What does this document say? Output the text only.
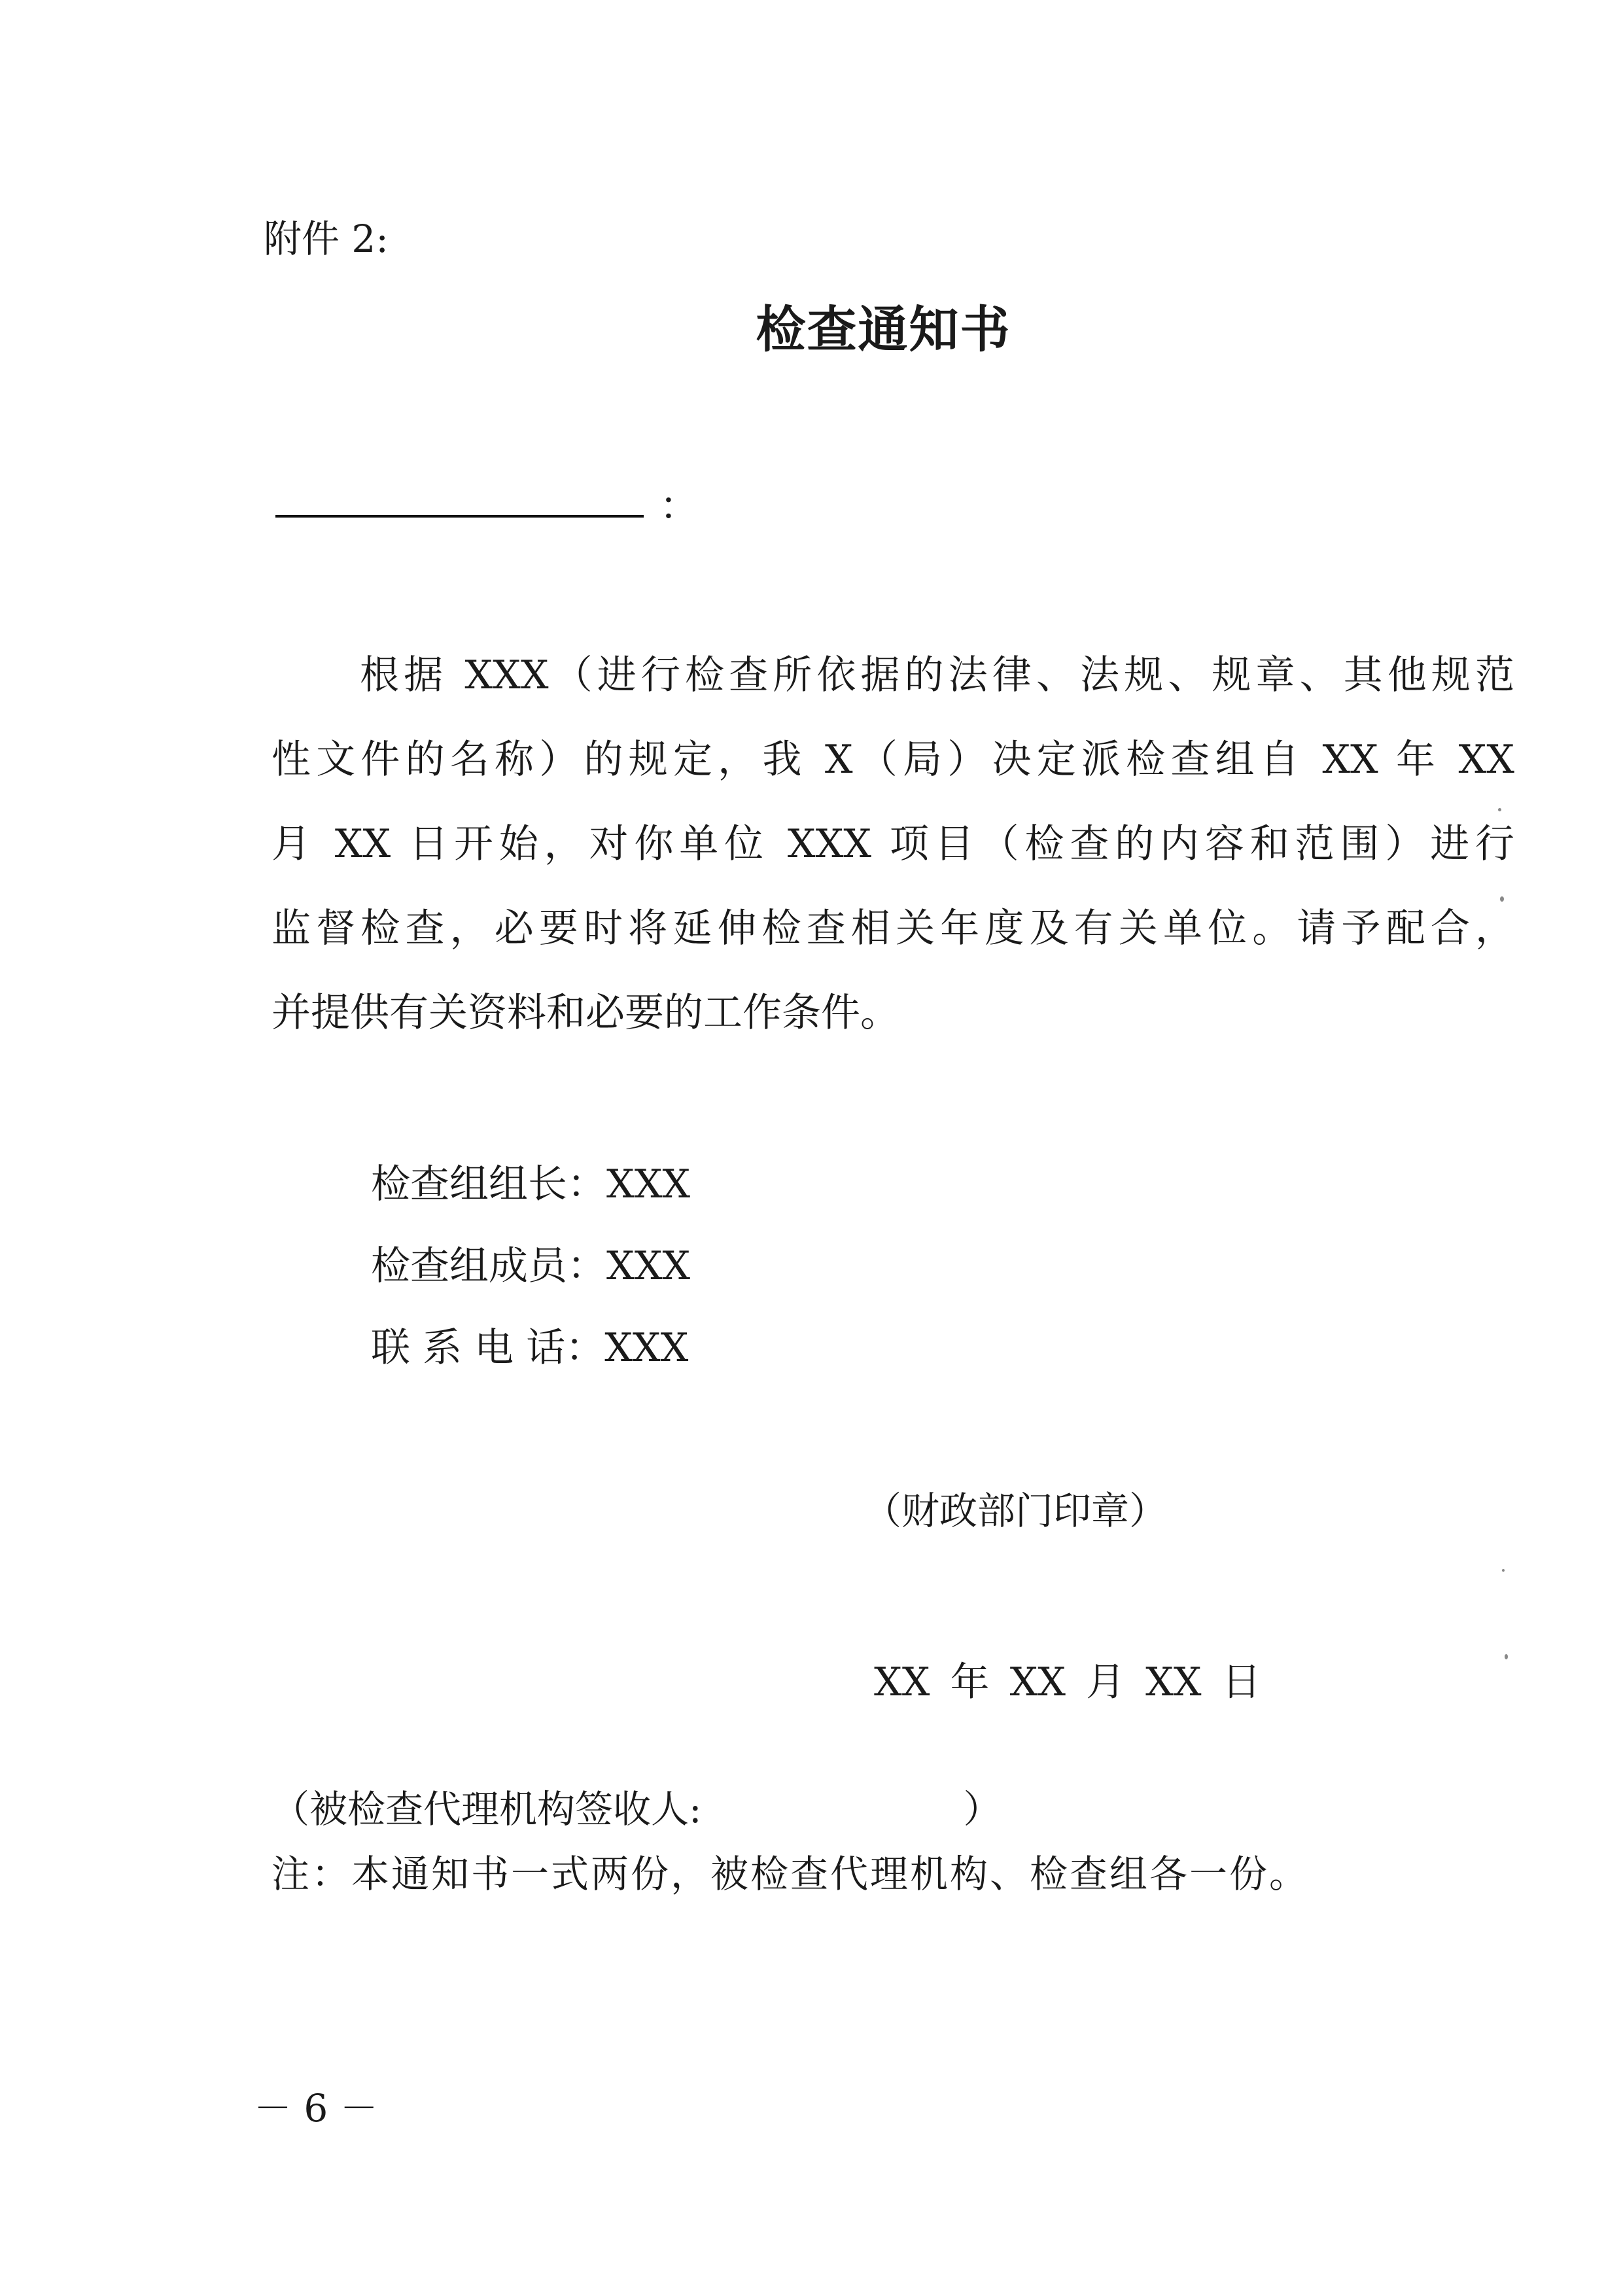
附件 2:
检查通知书
：
根据 XXX（进行检查所依据的法律、法规、规章、其他规范
性文件的名称）的规定，我 X（局）决定派检查组自 XX 年 XX
月 XX 日开始，对你单位 XXX 项目（检查的内容和范围）进行
监督检查，必要时将延伸检查相关年度及有关单位。请予配合，
并提供有关资料和必要的工作条件。
检查组组长：XXX
检查组成员：XXX
联 系 电 话：XXX
（财政部门印章）
XX 年 XX 月 XX 日
（被检查代理机构签收人:	）
注：本通知书一式两份，被检查代理机构、检查组各一份。
－ 6 －
